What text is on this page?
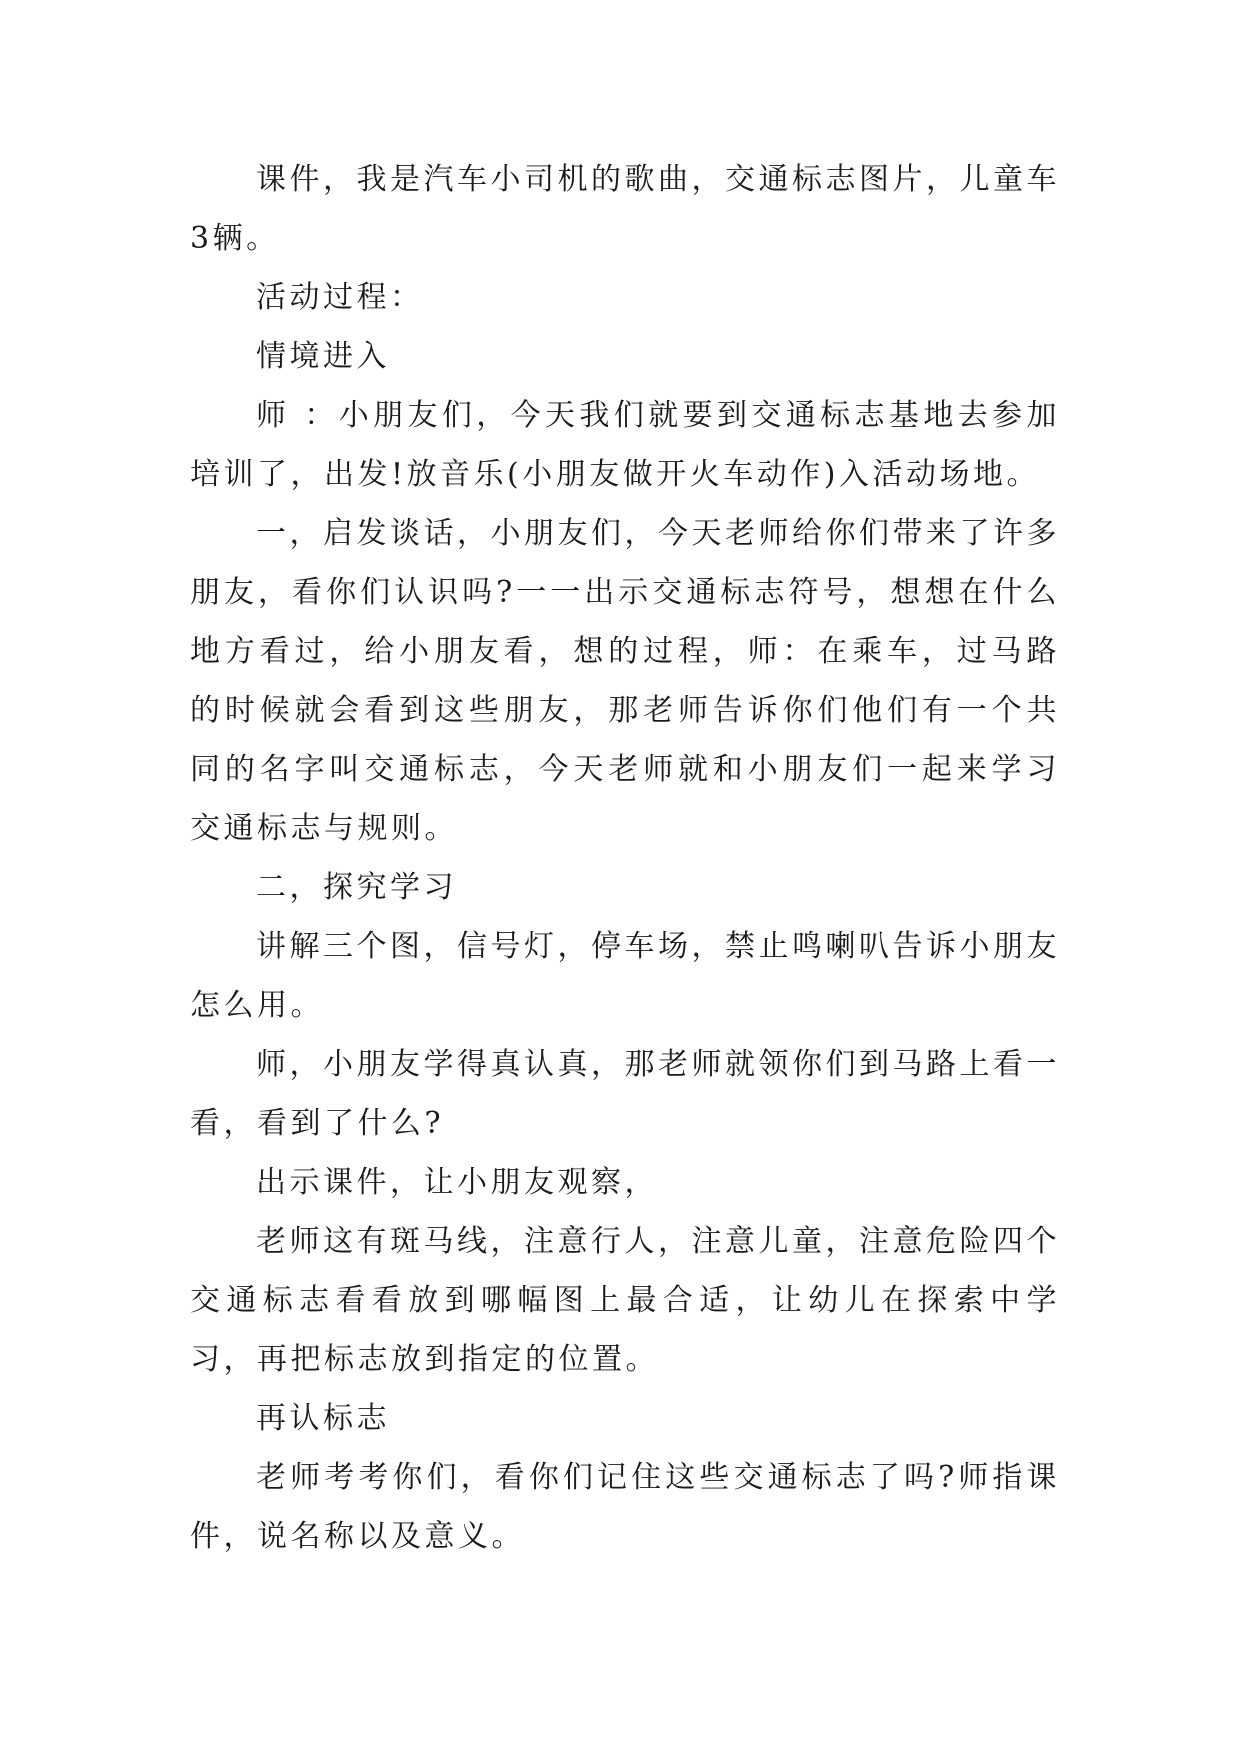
课件，我是汽车小司机的歌曲，交通标志图片，儿童车3辆。

活动过程：

情境进入

师 ：小朋友们，今天我们就要到交通标志基地去参加培训了，出发!放音乐(小朋友做开火车动作)入活动场地。

一，启发谈话，小朋友们，今天老师给你们带来了许多朋友，看你们认识吗?一一出示交通标志符号，想想在什么地方看过，给小朋友看，想的过程，师：在乘车，过马路的时候就会看到这些朋友，那老师告诉你们他们有一个共同的名字叫交通标志，今天老师就和小朋友们一起来学习交通标志与规则。

二，探究学习

讲解三个图，信号灯，停车场，禁止鸣喇叭告诉小朋友怎么用。

师，小朋友学得真认真，那老师就领你们到马路上看一看，看到了什么?

出示课件，让小朋友观察，

老师这有斑马线，注意行人，注意儿童，注意危险四个交通标志看看放到哪幅图上最合适，让幼儿在探索中学习，再把标志放到指定的位置。

再认标志

老师考考你们，看你们记住这些交通标志了吗?师指课件，说名称以及意义。
